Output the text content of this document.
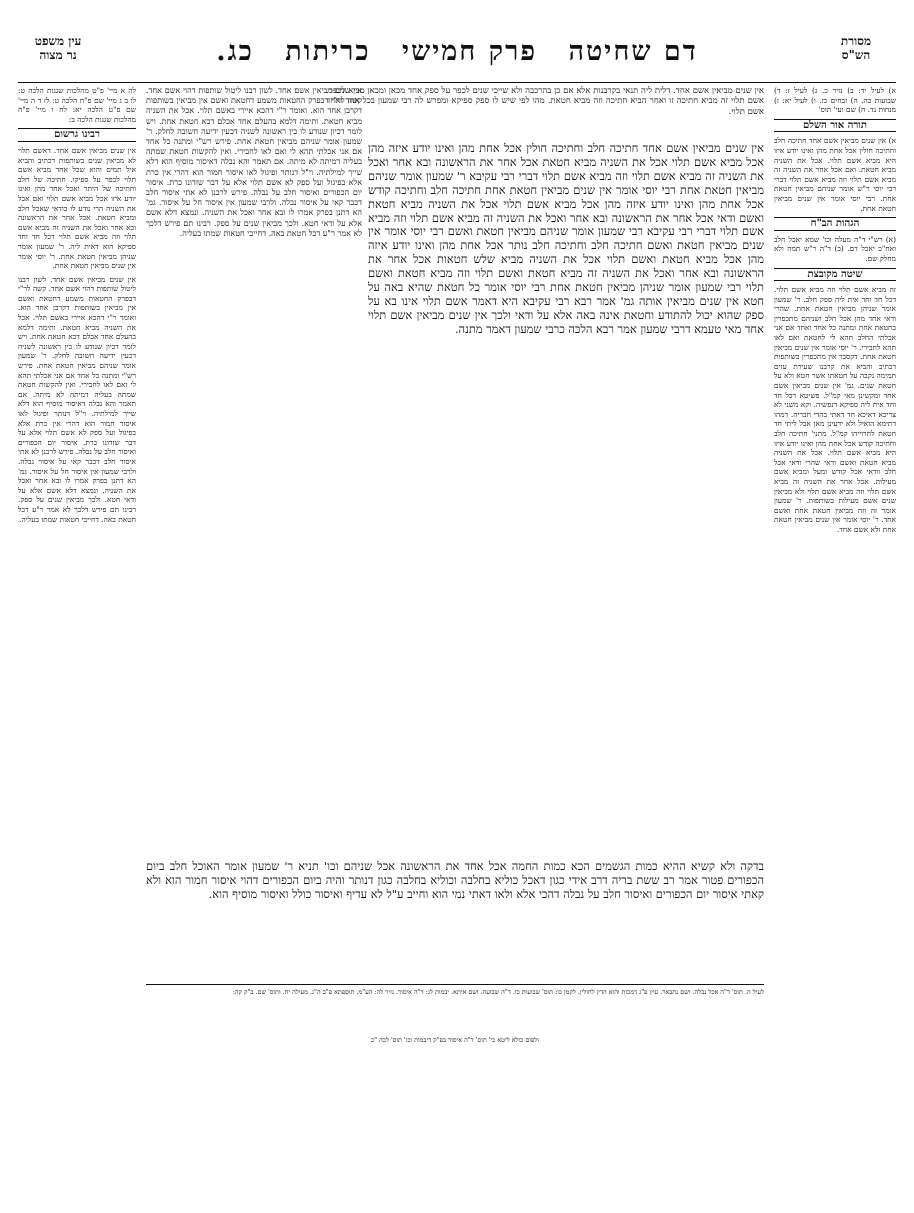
מסורת
הש"ס
דם שחיטה פרק חמישי כריתות כג.
עין משפט
נר מצוה
א) לעיל יד: ב) נזיר כ. ג) לעיל ז: ד) שבועות כה. ה) זבחים כז. ו) לעיל יא: ז) מנחות נד. ח) שם ועי' תוס'
תורה אור השלם
א) אין שנים מביאין אשם אחד חתיכה חלב וחתיכה חולין אכל אחת מהן ואינו יודע איזו היא מביא אשם תלוי. אכל את השניה מביא חטאת. ואם אכל אחר את השניה זה מביא אשם תלוי וזה מביא אשם תלוי דברי רבי יוסי ר"ש אומר שניהם מביאין חטאת אחת. רבי יוסי אומר אין שנים מביאין חטאת אחת.
הגהות הב"ח
(א) רש"י ד"ה מעלה וכו' שמא יאכל חלב ואח"כ יאכל דם. (ב) ד"ה ר"ש תמה ולא מחלק שם.
שיטה מקובצת
זה מביא אשם תלוי וזה מביא אשם תלוי. דכל חד וחד אית ליה ספק חלב. ר' שמעון אומר שניהן מביאין חטאת אחת. שהרי ודאי אחד מהן אכל חלב ושניהם מתכפרין בחטאת אחת ומתנה כל אחד ואחד אם אני אכלתי החלב תהא לי לחטאת ואם לאו תהא לחבירי. ר' יוסי אומר אין שנים מביאין חטאת אחת. דקסבר אין מתכפרין בשותפות דכתיב והביא את קרבנו שעירת עזים תמימה נקבה על חטאתו אשר חטא ולא על חטאת שנים. גמ' אין שנים מביאין אשם אחד ומקשינן מאי קמ"ל. פשיטא דכל חד וחד אית ליה ספיקא דנפשיה. וקא משני לא צריכא דאיכא חד דאתי בהדי חבריה. דמהו דתימא הואיל ולא ידעינן מאן אכל ליתי חד חטאת לתרוייהו קמ"ל. מתני' חתיכה חלב וחתיכה קודש אכל אחת מהן ואינו יודע איזו היא מביא אשם תלוי. אכל את השניה מביא חטאת ואשם ודאי שהרי ודאי אכל חלב וודאי אכל קודש ומעל ומביא אשם מעילות. אכל אחר את השניה זה מביא אשם תלוי וזה מביא אשם תלוי ולא מביאין שנים אשם מעילות בשותפות. ר' שמעון אומר זה וזה מביאין חטאת אחת ואשם אחד. ר' יוסי אומר אין שנים מביאין חטאת אחת ולא אשם אחד.
לה א מיי' פ"ט מהלכות שגגות הלכה ט: לו ב ג מיי' שם פ"ח הלכה ט: לז ד ה מיי' שם פ"ט הלכה יא: לח ו מיי' פ"ח מהלכות שגגות הלכה ב:
רבינו גרשום
אין שנים מביאין אשם אחד. דאשם תלוי לא מביאין שנים בשותפות דכתיב והביא איל תמים והוא שכל אחד מביא אשם תלוי לכפר על ספיקו. חתיכה של חלב וחתיכה של היתר ואכל אחד מהן ואינו יודע איזו אכל מביא אשם תלוי ואם אכל את השניה הרי נודע לו בודאי שאכל חלב ומביא חטאת. אכל אחר את הראשונה ובא אחר ואכל את השניה זה מביא אשם תלוי וזה מביא אשם תלוי דכל חד וחד ספיקא הוא דאית ליה. ר' שמעון אומר שניהן מביאין חטאת אחת. ר' יוסי אומר אין שנים מביאין חטאת אחת.
אין שנים מביאין אשם אחד. לשון רבנו ליטול שותפות דהוי אשם אחד. קשה לר"י דבפרק החטאות משמע דחטאת ואשם אין מביאין בשותפות דקרבן אחד הוא. ואומר ר"י דהכא איירי באשם תלוי. אכל את השניה מביא חטאת. ותימה דלמא בהעלם אחד אכלם דבא חטאת אחת. ויש לומר דכיון שנודע לו בין ראשונה לשניה דכעין ידיעה חשובה לחלק. ר' שמעון אומר שניהם מביאין חטאת אחת. פירש רש"י ומתנה כל אחד אם אני אכלתי תהא לי ואם לאו לחבירי. ואין להקשות חטאת שמתה בעליה דמיתה לא מיתה. אם תאמר והא נבלה דאיסור מוסיף הוא דלא שייך למילתיה. וי"ל דנותר ופיגול לאו איסור חמור הוא דהרי אין כרת אלא בפיגול ועל ספק לא אשם תלוי אלא על דבר שזדונו כרת. איסור יום הכפורים ואיסור חלב על נבלה. פירש לרבנן לא אתי איסור חלב דכבר קאי על איסור נבלה. ולרבי שמעון אין איסור חל על איסור. גמ' הא דתנן בפרק אמרו לו ובא אחר ואכל את השניה. ונמצא דלא אשם אלא על ודאי חטא. ולכך מביאין שנים על ספק. רבינו תם פירש דלכך לא אמר ר"ע דכל חטאת באה. דחייבי חטאות שמתו בעליה.
אין שנים מביאין אשם אחד. דלית ליה תנאי בקרבנות אלא אם כן בהרכבה ולא שייכי שנים לכפר על ספק אחד מכאן ומכאן מביא לכפר. אשם תלוי זה מביא חתיכה זו ואחר הביא חתיכה וזה מביא חטאת. מהו לפי שיש לו ספק ספיקא ומפרש לה רבי שמעון בכל אחד ואחד אשם תלוי.
אין שנים מביאין אשם אחד. לשון רבנו ליטול שותפות דהוי אשם אחד. קשה לר"י דבפרק החטאות משמע דחטאת ואשם אין מביאין בשותפות דקרבן אחד הוא. ואומר ר"י דהכא איירי באשם תלוי. אכל את השניה מביא חטאת. ותימה דלמא בהעלם אחד אכלם דבא חטאת אחת. ויש לומר דכיון שנודע לו בין ראשונה לשניה דכעין ידיעה חשובה לחלק. ר' שמעון אומר שניהם מביאין חטאת אחת. פירש רש"י ומתנה כל אחד אם אני אכלתי תהא לי ואם לאו לחבירי. ואין להקשות חטאת שמתה בעליה דמיתה לא מיתה. אם תאמר והא נבלה דאיסור מוסיף הוא דלא שייך למילתיה. וי"ל דנותר ופיגול לאו איסור חמור הוא דהרי אין כרת אלא בפיגול ועל ספק לא אשם תלוי אלא על דבר שזדונו כרת. איסור יום הכפורים ואיסור חלב על נבלה. פירש לרבנן לא אתי איסור חלב דכבר קאי על איסור נבלה. ולרבי שמעון אין איסור חל על איסור. גמ' הא דתנן בפרק אמרו לו ובא אחר ואכל את השניה. ונמצא דלא אשם אלא על ודאי חטא. ולכך מביאין שנים על ספק. רבינו תם פירש דלכך לא אמר ר"ע דכל חטאת באה. דחייבי חטאות שמתו בעליה.
אין שנים מביאין אשם אחד חתיכה חלב וחתיכה חולין אכל אחת מהן ואינו יודע איזה מהן אכל מביא אשם תלוי אכל את השניה מביא חטאת אכל אחר את הראשונה ובא אחר ואכל את השניה זה מביא אשם תלוי וזה מביא אשם תלוי דברי רבי עקיבא ר' שמעון אומר שניהם מביאין חטאת אחת רבי יוסי אומר אין שנים מביאין חטאת אחת חתיכה חלב וחתיכה קודש אכל אחת מהן ואינו יודע איזה מהן אכל מביא אשם תלוי אכל את השניה מביא חטאת ואשם ודאי אכל אחר את הראשונה ובא אחר ואכל את השניה זה מביא אשם תלוי וזה מביא אשם תלוי דברי רבי עקיבא רבי שמעון אומר שניהם מביאין חטאת ואשם רבי יוסי אומר אין שנים מביאין חטאת ואשם חתיכה חלב וחתיכה חלב נותר אכל אחת מהן ואינו יודע איזה מהן אכל מביא חטאת ואשם תלוי אכל את השניה מביא שלש חטאות אכל אחר את הראשונה ובא אחר ואכל את השניה זה מביא חטאת ואשם תלוי וזה מביא חטאת ואשם תלוי רבי שמעון אומר שניהן מביאין חטאת אחת רבי יוסי אומר כל חטאת שהיא באה על חטא אין שנים מביאין אותה גמ' אמר רבא רבי עקיבא היא דאמר אשם תלוי אינו בא על ספק שהוא יכול להתודע וחטאת אינה באה אלא על ודאי ולכך אין שנים מביאין אשם תלוי אחד מאי טעמא דרבי שמעון אמר רבא הלכה כרבי שמעון דאמר מתנה.
בדקה ולא קשיא ההיא כמות הגשמים הכא כמות החמה אכל אחד את הראשונה אכל שניהם וכו' תניא ר' שמעון אומר האוכל חלב ביום הכפורים פטור אמר רב ששת בריה דרב אידי כגון דאכל כוליא בחלבה וכוליא בחלבה כגון דנותר והיה ביום הכפורים דהוי איסור חמור הוא ולא קאתי איסור יום הכפורים ואיסור חלב על נבלה דהכי אלא ולאו דאתי נמי הוא וחייב ע"ל לא עדיף ואיסור כולל ואיסור מוסיף הוא.
לעיל ה. תוס' ד"ה אכל נבלה. ושם נתבאר. עיין פ"ג דמכות והוא הדין לחולין. לקמן כו: תוס' שבועות כו. ד"ה שבועה. ושם איתא. יבמות לג: ד"ה איסור. נזיר לה: הע"מ. תוספתא פ"ב ה"ג. מעילה יח. ותוס' שם. ב"ק קה:
ולפום כולא ליטא כי' תוס' ד"ה איסור בפ"ק דיבמות וכו' תוס' לכה "כ
